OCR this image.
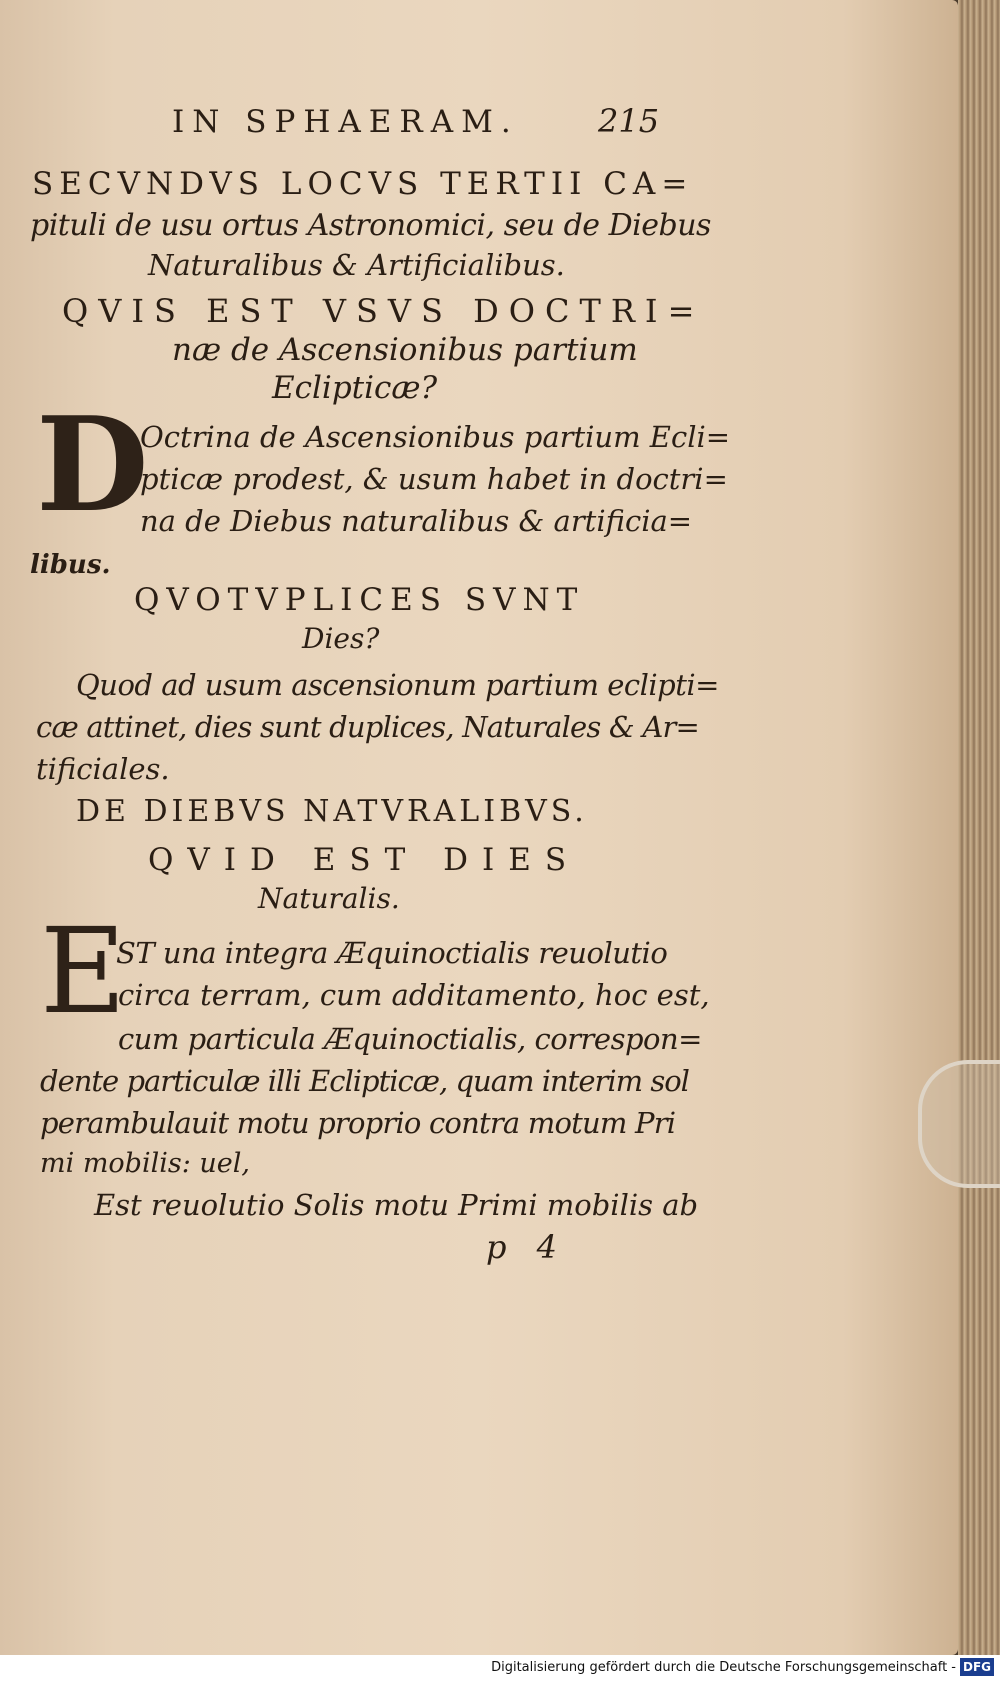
IN SPHAERAM. 215
SECVNDVS LOCVS TERTII CA=
pituli de usu ortus Astronomici, seu de Diebus
Naturalibus & Artificialibus.
QVIS EST VSVS DOCTRI=
næ de Ascensionibus partium
Eclipticæ?
D
Octrina de Ascensionibus partium Ecli=
pticæ prodest, & usum habet in doctri=
na de Diebus naturalibus & artificia=
libus.
QVOTVPLICES SVNT
Dies?
Quod ad usum ascensionum partium eclipti=
cæ attinet, dies sunt duplices, Naturales & Ar=
tificiales.
DE DIEBVS NATVRALIBVS.
QVID EST DIES
Naturalis.
E
ST una integra Æquinoctialis reuolutio
circa terram, cum additamento, hoc est,
cum particula Æquinoctialis, correspon=
dente particulæ illi Eclipticæ, quam interim sol
perambulauit motu proprio contra motum Pri
mi mobilis: uel,
Est reuolutio Solis motu Primi mobilis ab
p 4
Digitalisierung gefördert durch die Deutsche Forschungsgemeinschaft - DFG
